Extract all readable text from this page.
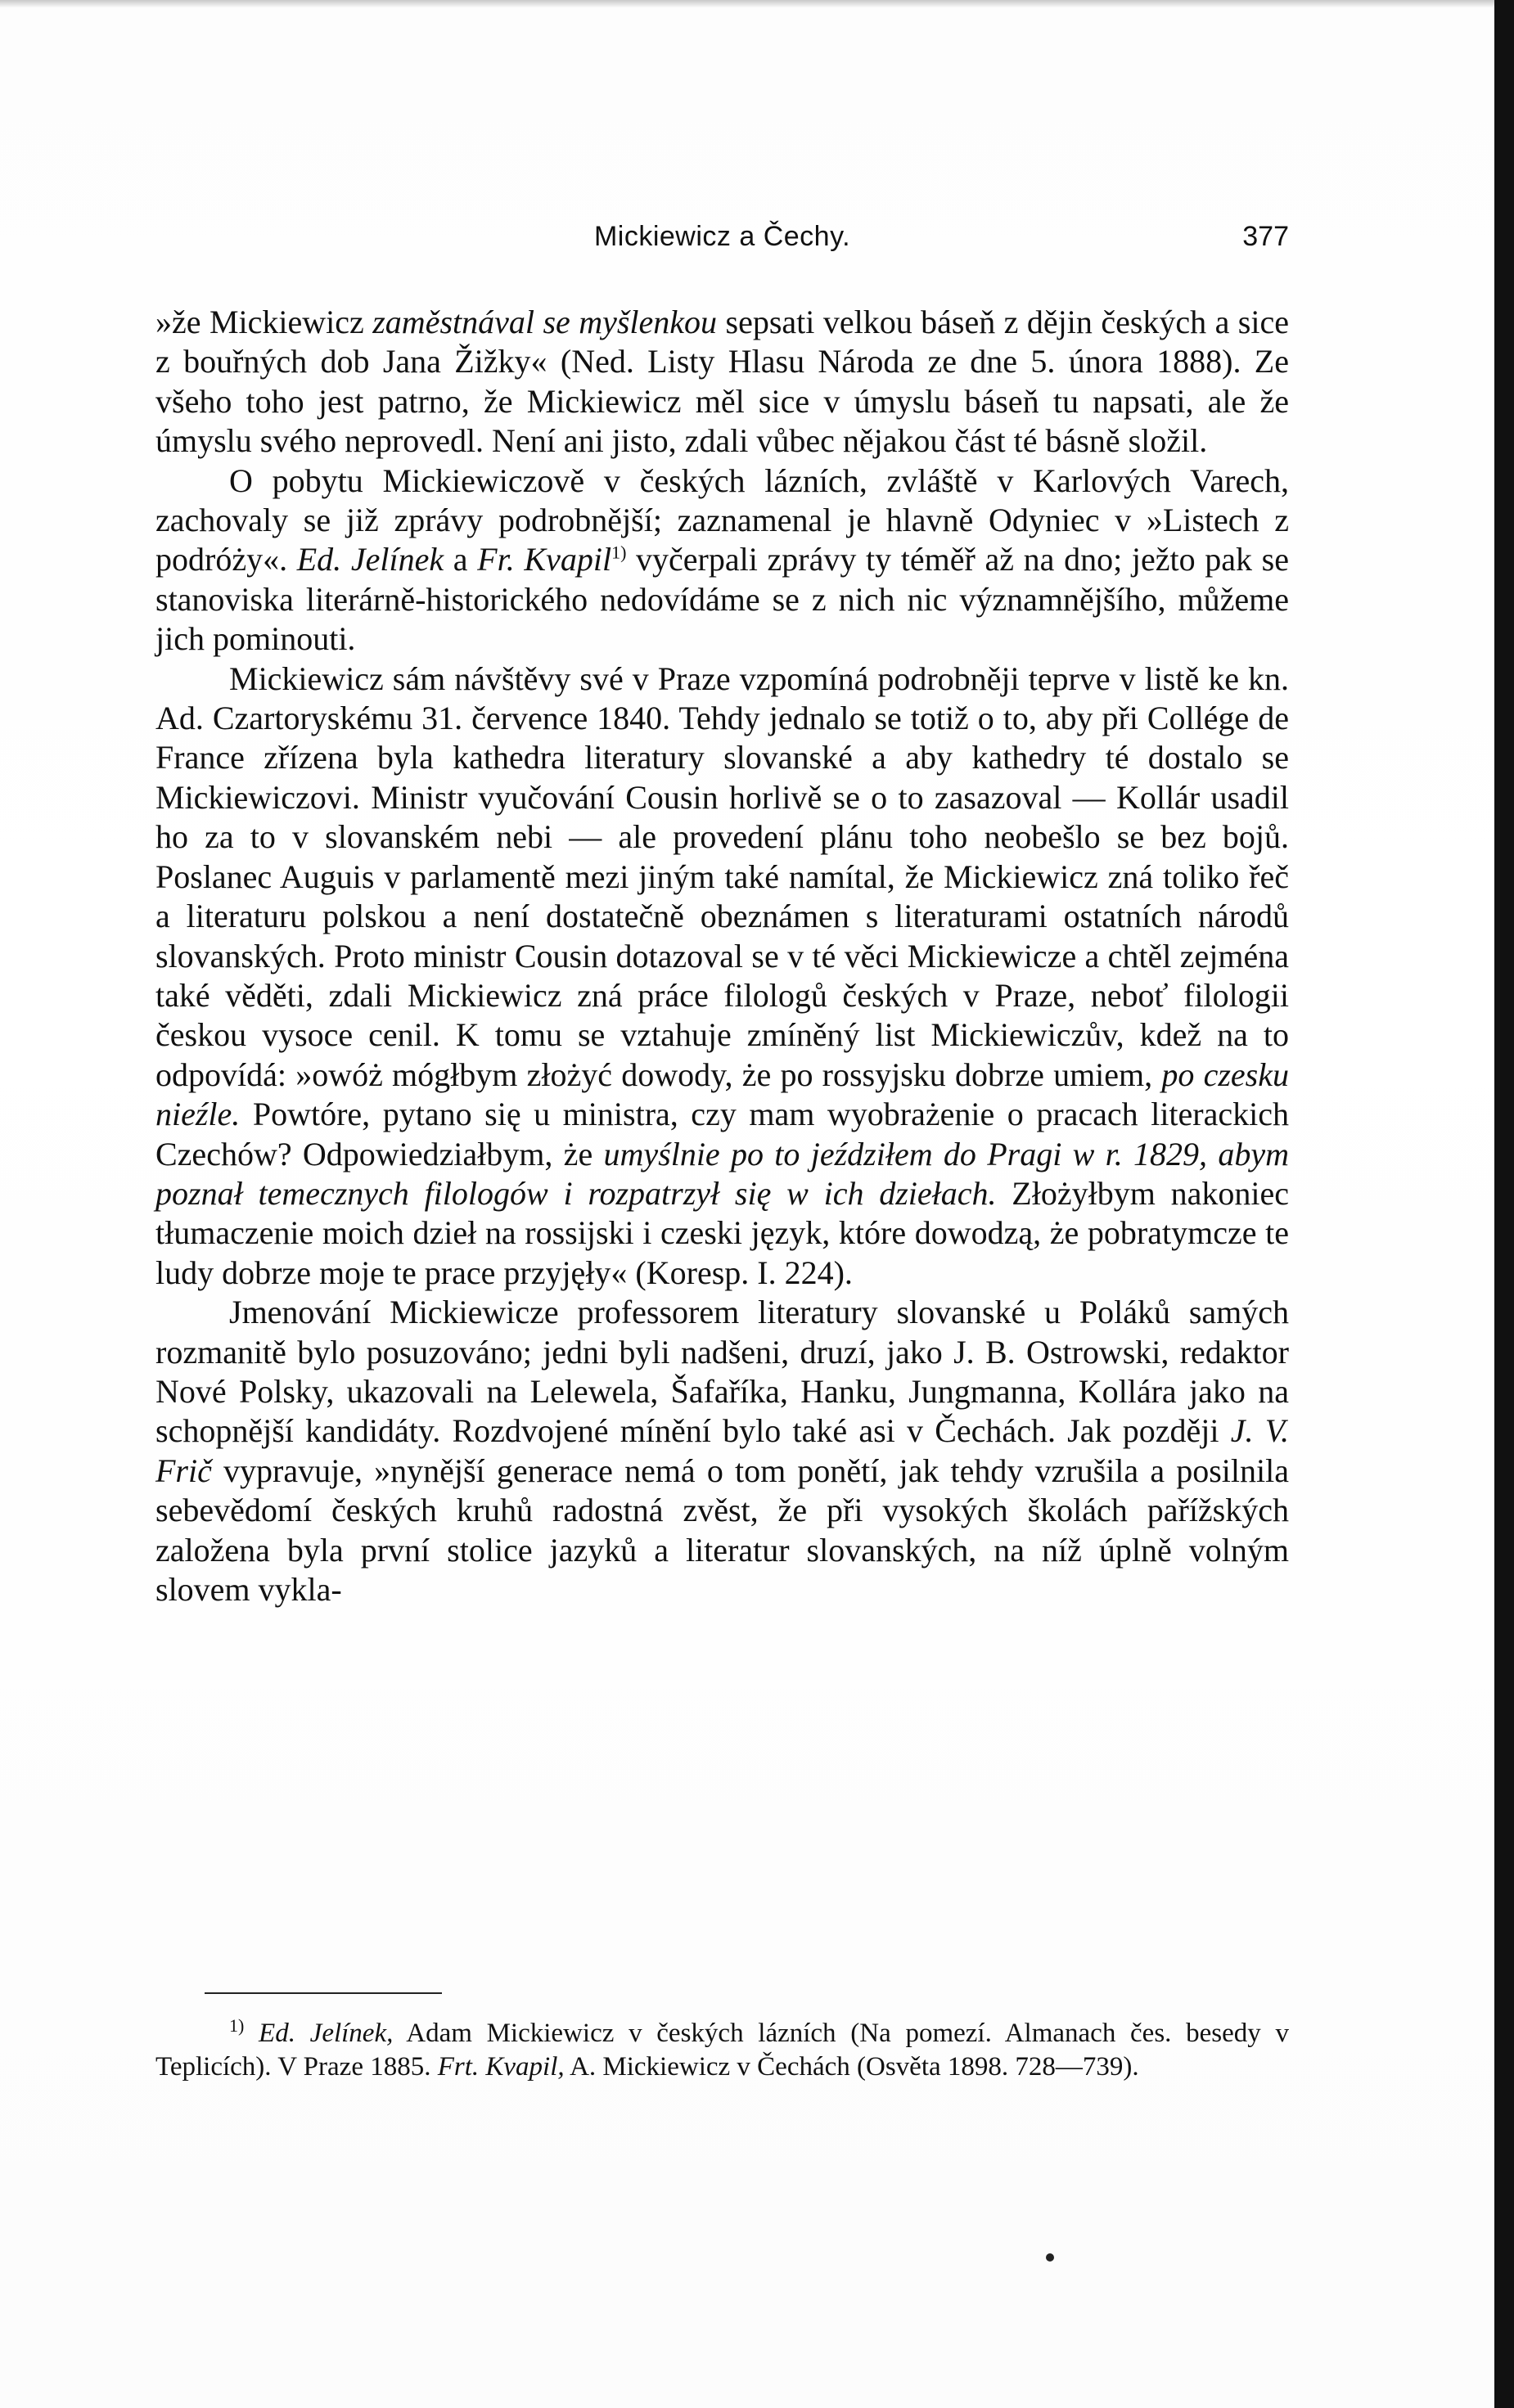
Mickiewicz a Čechy.	377

»že Mickiewicz zaměstnával se myšlenkou sepsati velkou báseň z dějin českých a sice z bouřných dob Jana Žižky« (Ned. Listy Hlasu Národa ze dne 5. února 1888). Ze všeho toho jest patrno, že Mickiewicz měl sice v úmyslu báseň tu napsati, ale že úmyslu svého neprovedl. Není ani jisto, zdali vůbec nějakou část té básně složil.

O pobytu Mickiewiczově v českých lázních, zvláště v Karlových Varech, zachovaly se již zprávy podrobnější; zaznamenal je hlavně Odyniec v »Listech z podróży«. Ed. Jelínek a Fr. Kvapil$^{1)}$ vyčerpali zprávy ty téměř až na dno; ježto pak se stanoviska literárně-historického nedovídáme se z nich nic významnějšího, můžeme jich pominouti.

Mickiewicz sám návštěvy své v Praze vzpomíná podrobněji teprve v listě ke kn. Ad. Czartoryskému 31. července 1840. Tehdy jednalo se totiž o to, aby při Collége de France zřízena byla kathedra literatury slovanské a aby kathedry té dostalo se Mickiewiczovi. Ministr vyučování Cousin horlivě se o to zasazoval — Kollár usadil ho za to v slovanském nebi — ale provedení plánu toho neobešlo se bez bojů. Poslanec Auguis v parlamentě mezi jiným také namítal, že Mickiewicz zná toliko řeč a literaturu polskou a není dostatečně obeznámen s literaturami ostatních národů slovanských. Proto ministr Cousin dotazoval se v té věci Mickiewicze a chtěl zejména také věděti, zdali Mickiewicz zná práce filologů českých v Praze, neboť filologii českou vysoce cenil. K tomu se vztahuje zmíněný list Mickiewiczův, kdež na to odpovídá: »owóż mógłbym złożyć dowody, że po rossyjsku dobrze umiem, po czesku nieźle. Powtóre, pytano się u ministra, czy mam wyobrażenie o pracach literackich Czechów? Odpowiedziałbym, że umyślnie po to jeździłem do Pragi w r. 1829, abym poznał temecznych filologów i rozpatrzył się w ich dziełach. Złożyłbym nakoniec tłumaczenie moich dzieł na rossijski i czeski język, które dowodzą, że pobratymcze te ludy dobrze moje te prace przyjęły« (Koresp. I. 224).

Jmenování Mickiewicze professorem literatury slovanské u Poláků samých rozmanitě bylo posuzováno; jedni byli nadšeni, druzí, jako J. B. Ostrowski, redaktor Nové Polsky, ukazovali na Lelewela, Šafaříka, Hanku, Jungmanna, Kollára jako na schopnější kandidáty. Rozdvojené mínění bylo také asi v Čechách. Jak později J. V. Frič vypravuje, »nynější generace nemá o tom ponětí, jak tehdy vzrušila a posilnila sebevědomí českých kruhů radostná zvěst, že při vysokých školách pařížských založena byla první stolice jazyků a literatur slovanských, na níž úplně volným slovem vykla-

$^{1)}$ Ed. Jelínek, Adam Mickiewicz v českých lázních (Na pomezí. Almanach čes. besedy v Teplicích). V Praze 1885. Frt. Kvapil, A. Mickiewicz v Čechách (Osvěta 1898. 728—739).
